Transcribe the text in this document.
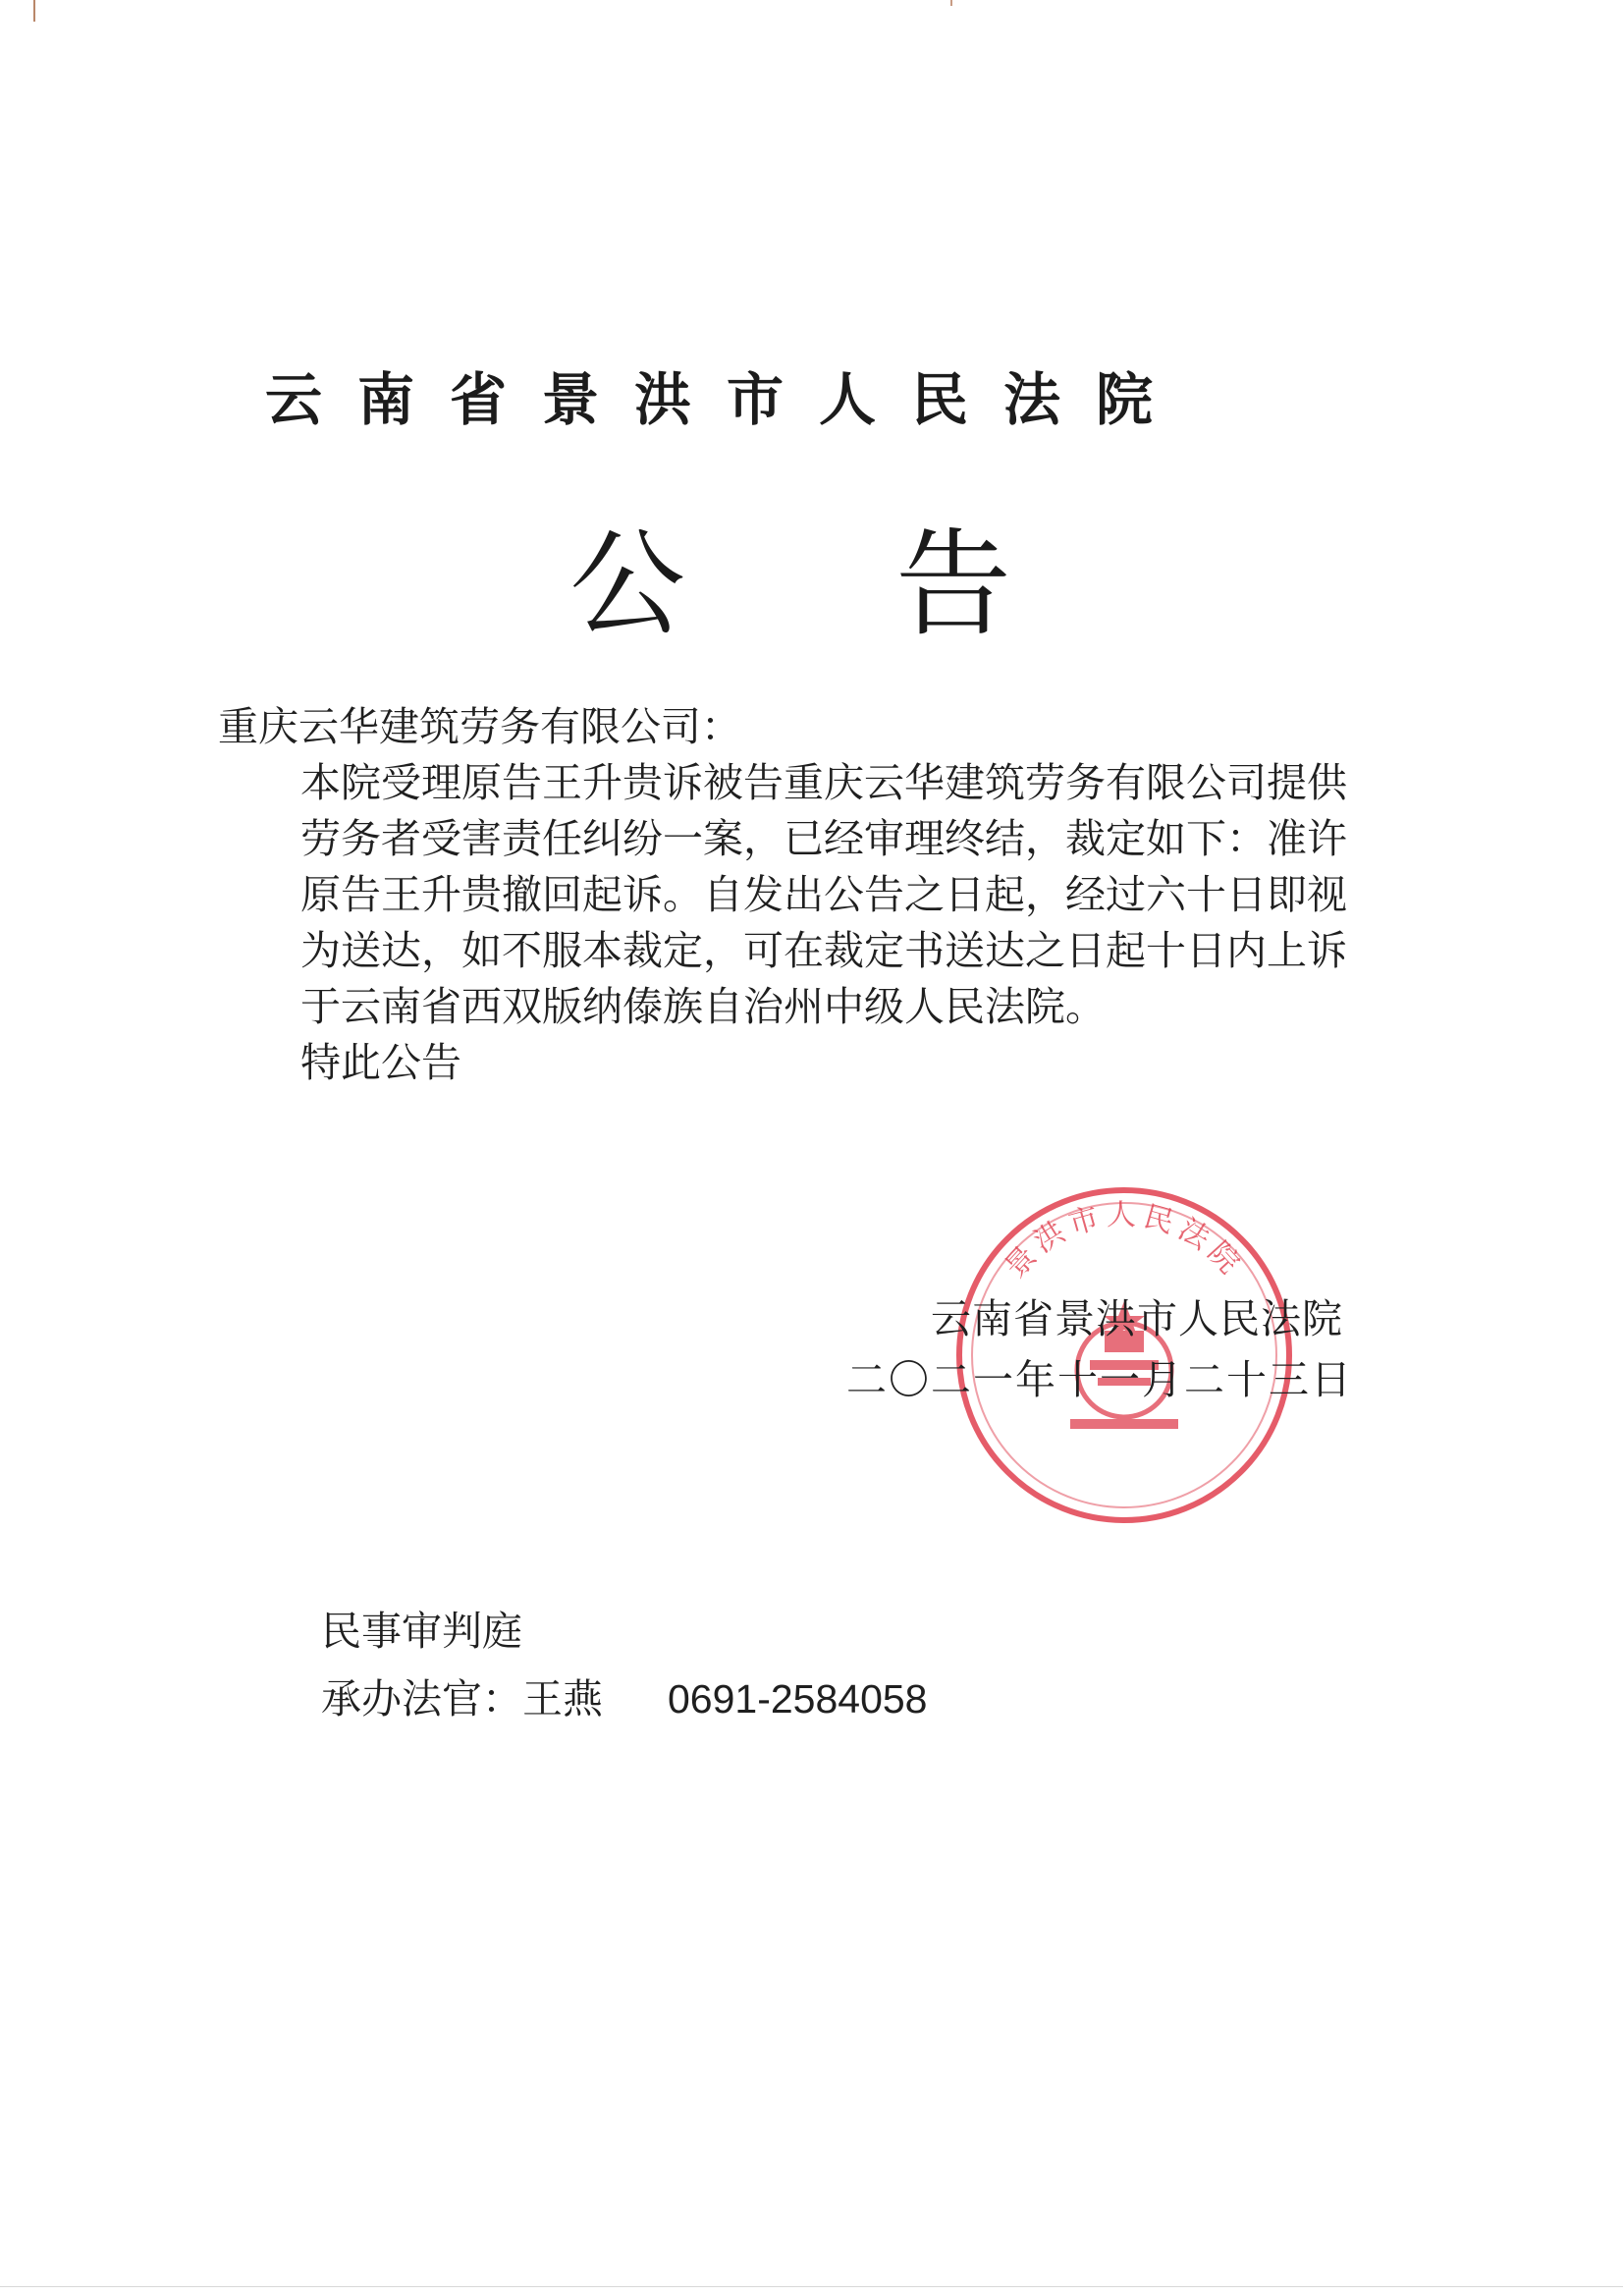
云南省景洪市人民法院
公 告

重庆云华建筑劳务有限公司：

本院受理原告王升贵诉被告重庆云华建筑劳务有限公司提供劳务者受害责任纠纷一案，已经审理终结，裁定如下：准许原告王升贵撤回起诉。自发出公告之日起，经过六十日即视为送达，如不服本裁定，可在裁定书送达之日起十日内上诉于云南省西双版纳傣族自治州中级人民法院。

特此公告

景洪市人民法院
云南省景洪市人民法院
二〇二一年十一月二十三日
民事审判庭
承办法官：王燕 0691-2584058
